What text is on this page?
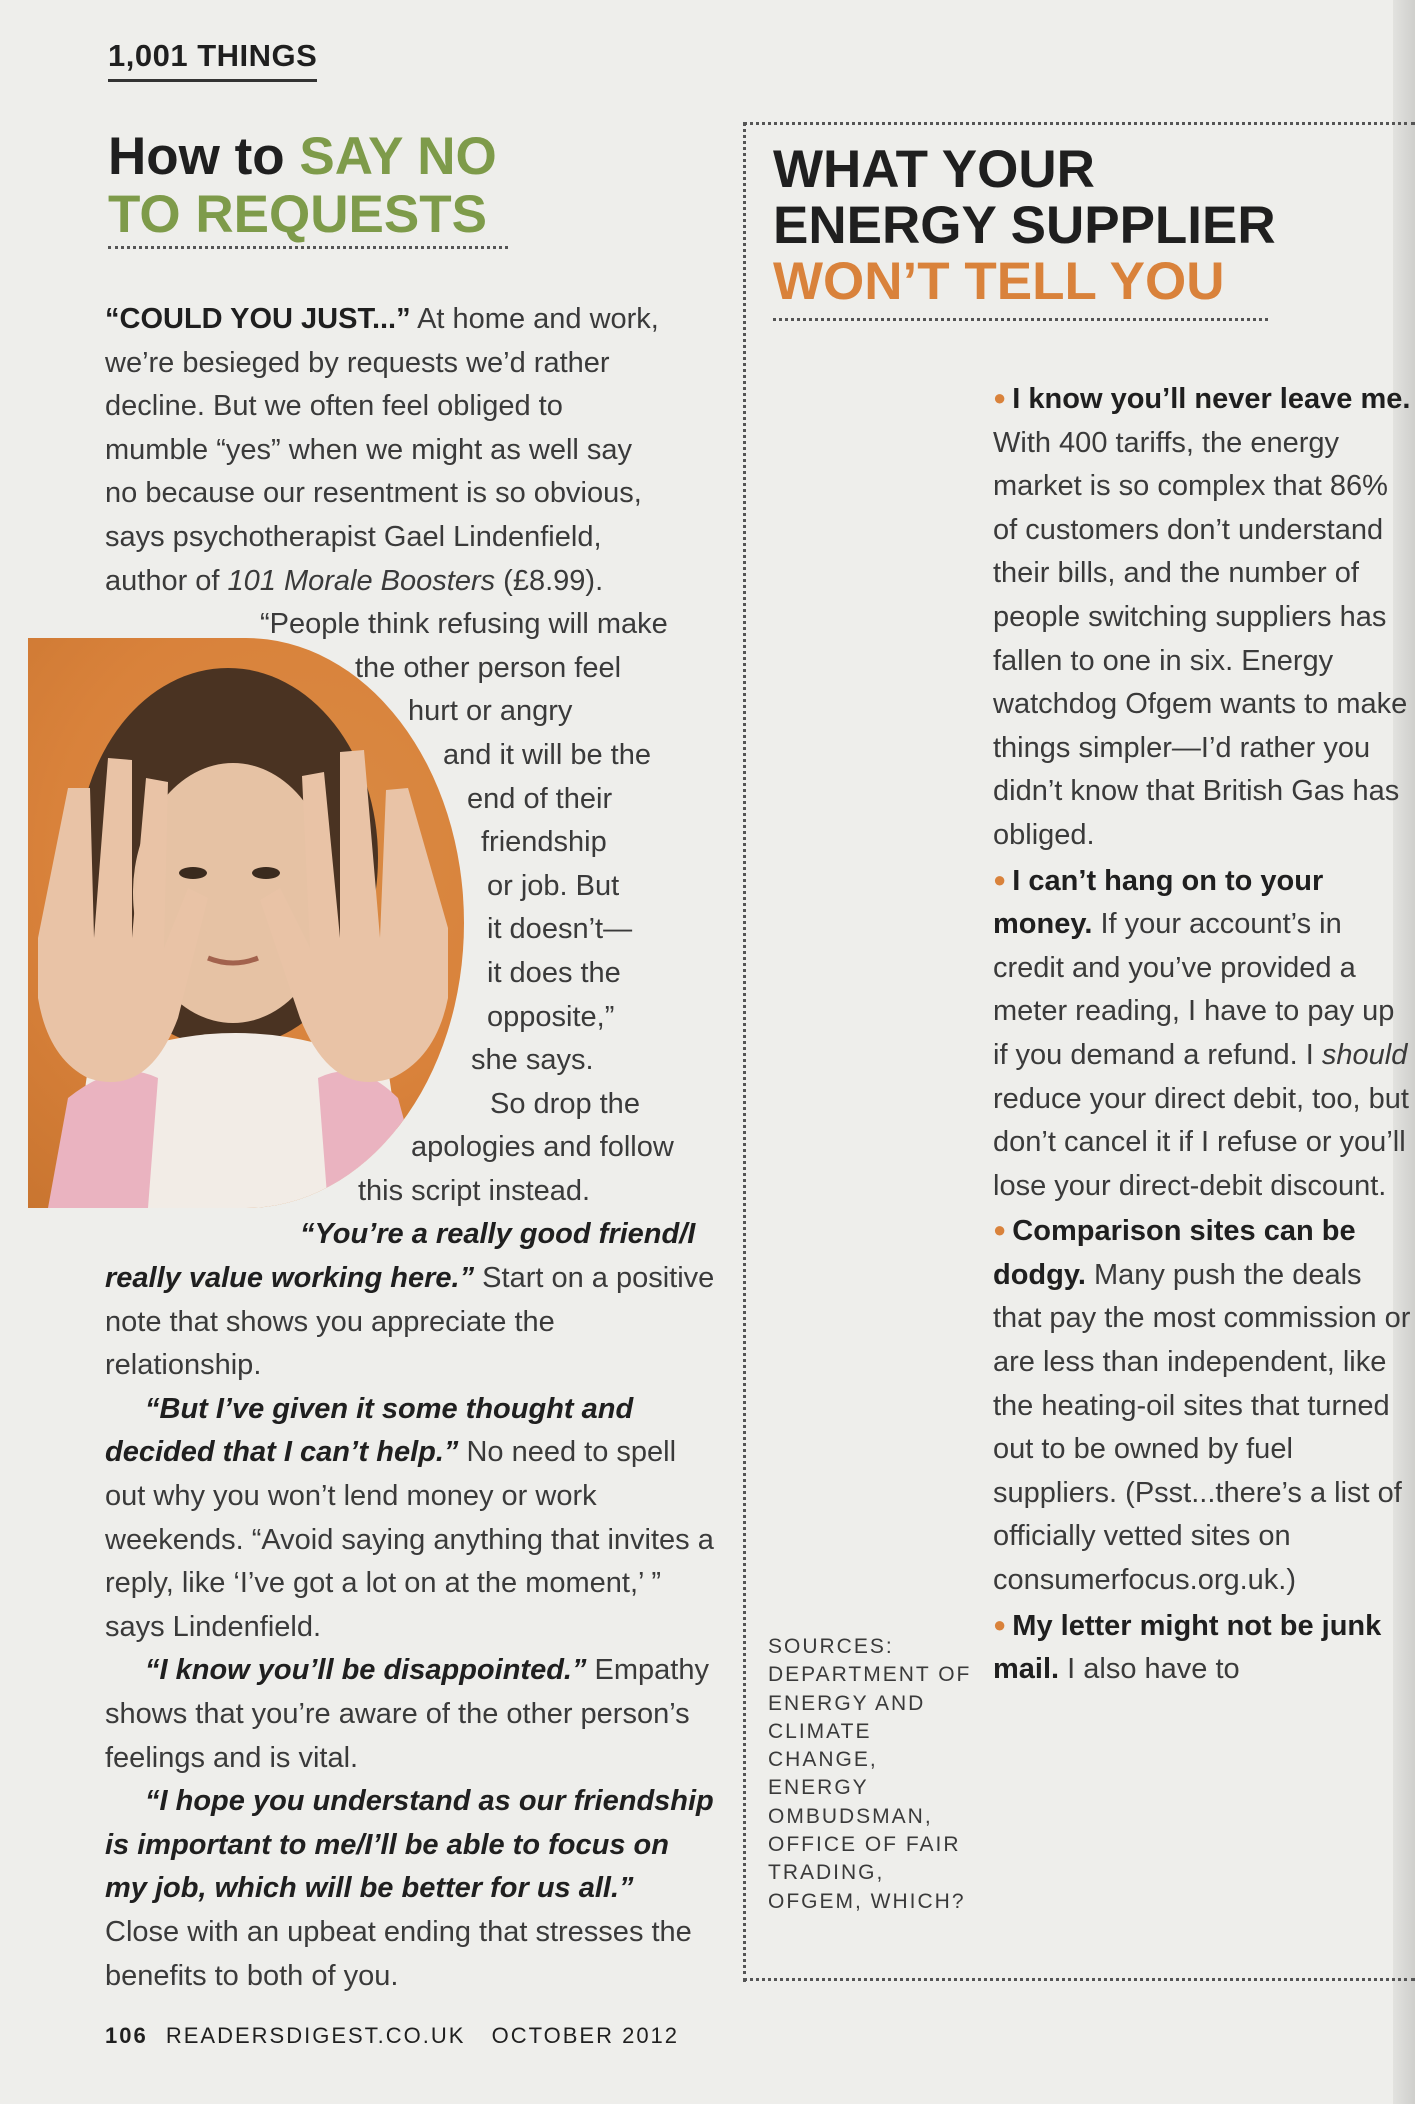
1,001 THINGS
How to SAY NO
TO REQUESTS

“COULD YOU JUST...” At home and work,
we’re besieged by requests we’d rather
decline. But we often feel obliged to
mumble “yes” when we might as well say
no because our resentment is so obvious,
says psychotherapist Gael Lindenfield,
author of 101 Morale Boosters (£8.99).

“People think refusing will make
the other person feel
hurt or angry
and it will be the
end of their
friendship
or job. But
it doesn’t—
it does the
opposite,”
she says.
So drop the
apologies and follow
this script instead.

“You’re a really good friend/I really value working here.” Start on a positive note that shows you appreciate the relationship.

“But I’ve given it some thought and decided that I can’t help.” No need to spell out why you won’t lend money or work weekends. “Avoid saying anything that invites a reply, like ‘I’ve got a lot on at the moment,’ ” says Lindenfield.

“I know you’ll be disappointed.” Empathy shows that you’re aware of the other person’s feelings and is vital.

“I hope you understand as our friendship is important to me/I’ll be able to focus on my job, which will be better for us all.” Close with an upbeat ending that stresses the benefits to both of you.

WHAT YOUR
ENERGY SUPPLIER
WON’T TELL YOU

● I know you’ll never leave me. With 400 tariffs, the energy market is so complex that 86% of customers don’t understand their bills, and the number of people switching suppliers has fallen to one in six. Energy watchdog Ofgem wants to make things simpler—I’d rather you didn’t know that British Gas has obliged.

● I can’t hang on to your money. If your account’s in credit and you’ve provided a meter reading, I have to pay up if you demand a refund. I should reduce your direct debit, too, but don’t cancel it if I refuse or you’ll lose your direct-debit discount.

● Comparison sites can be dodgy. Many push the deals that pay the most commission or are less than independent, like the heating-oil sites that turned out to be owned by fuel suppliers. (Psst...there’s a list of officially vetted sites on consumerfocus.org.uk.)

● My letter might not be junk mail. I also have to

SOURCES: DEPARTMENT OF ENERGY AND CLIMATE CHANGE, ENERGY OMBUDSMAN, OFFICE OF FAIR TRADING, OFGEM, WHICH?
106 READERSDIGEST.CO.UK OCTOBER 2012
